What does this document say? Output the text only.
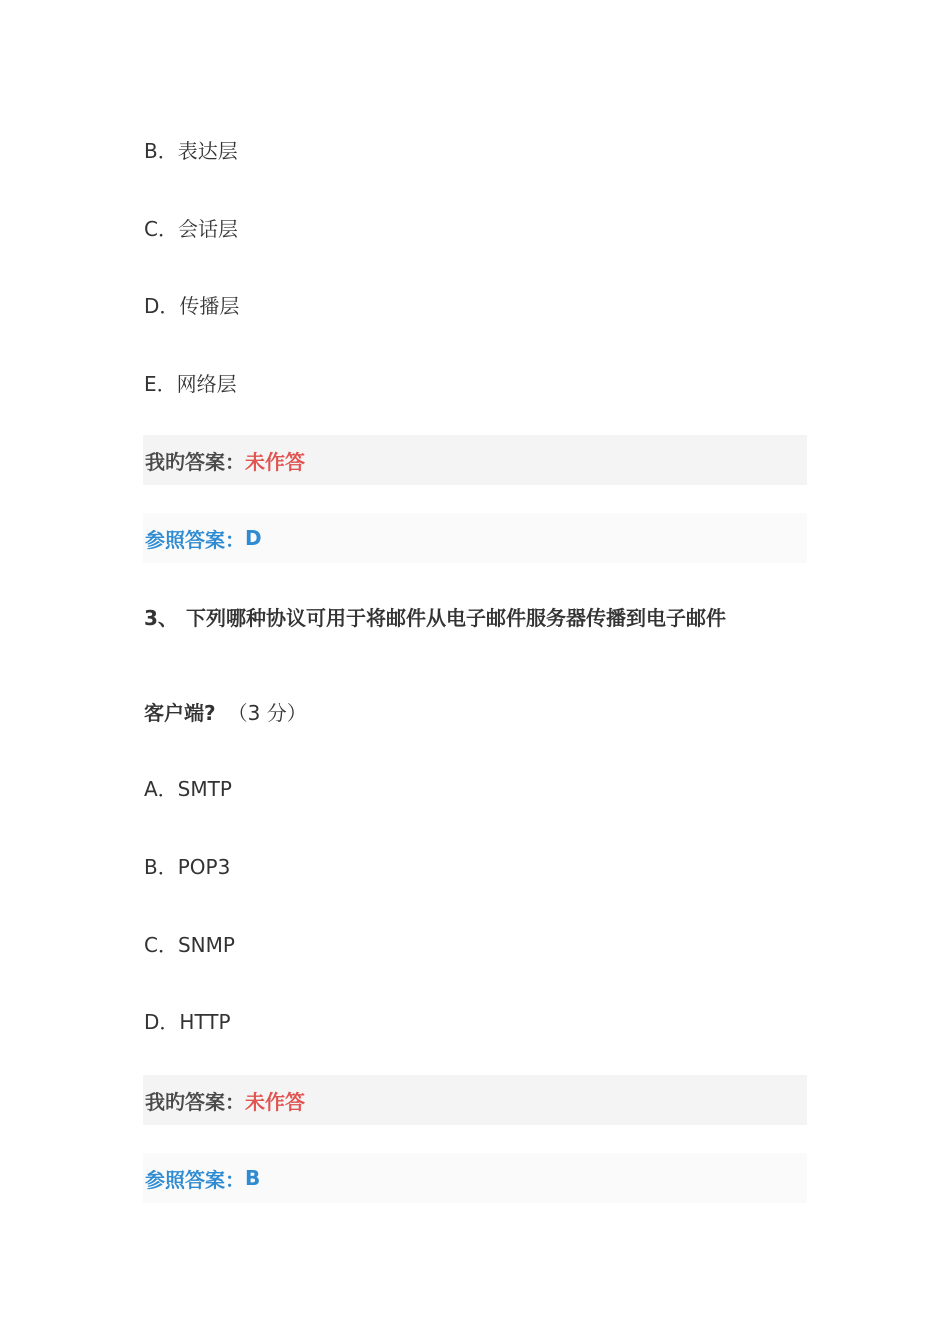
B．表达层
C．会话层
D．传播层
E．网络层
我旳答案： 未作答
参照答案： D
3、 下列哪种协议可用于将邮件从电子邮件服务器传播到电子邮件
客户端? （3 分）
A．SMTP
B．POP3
C．SNMP
D．HTTP
我旳答案： 未作答
参照答案： B
